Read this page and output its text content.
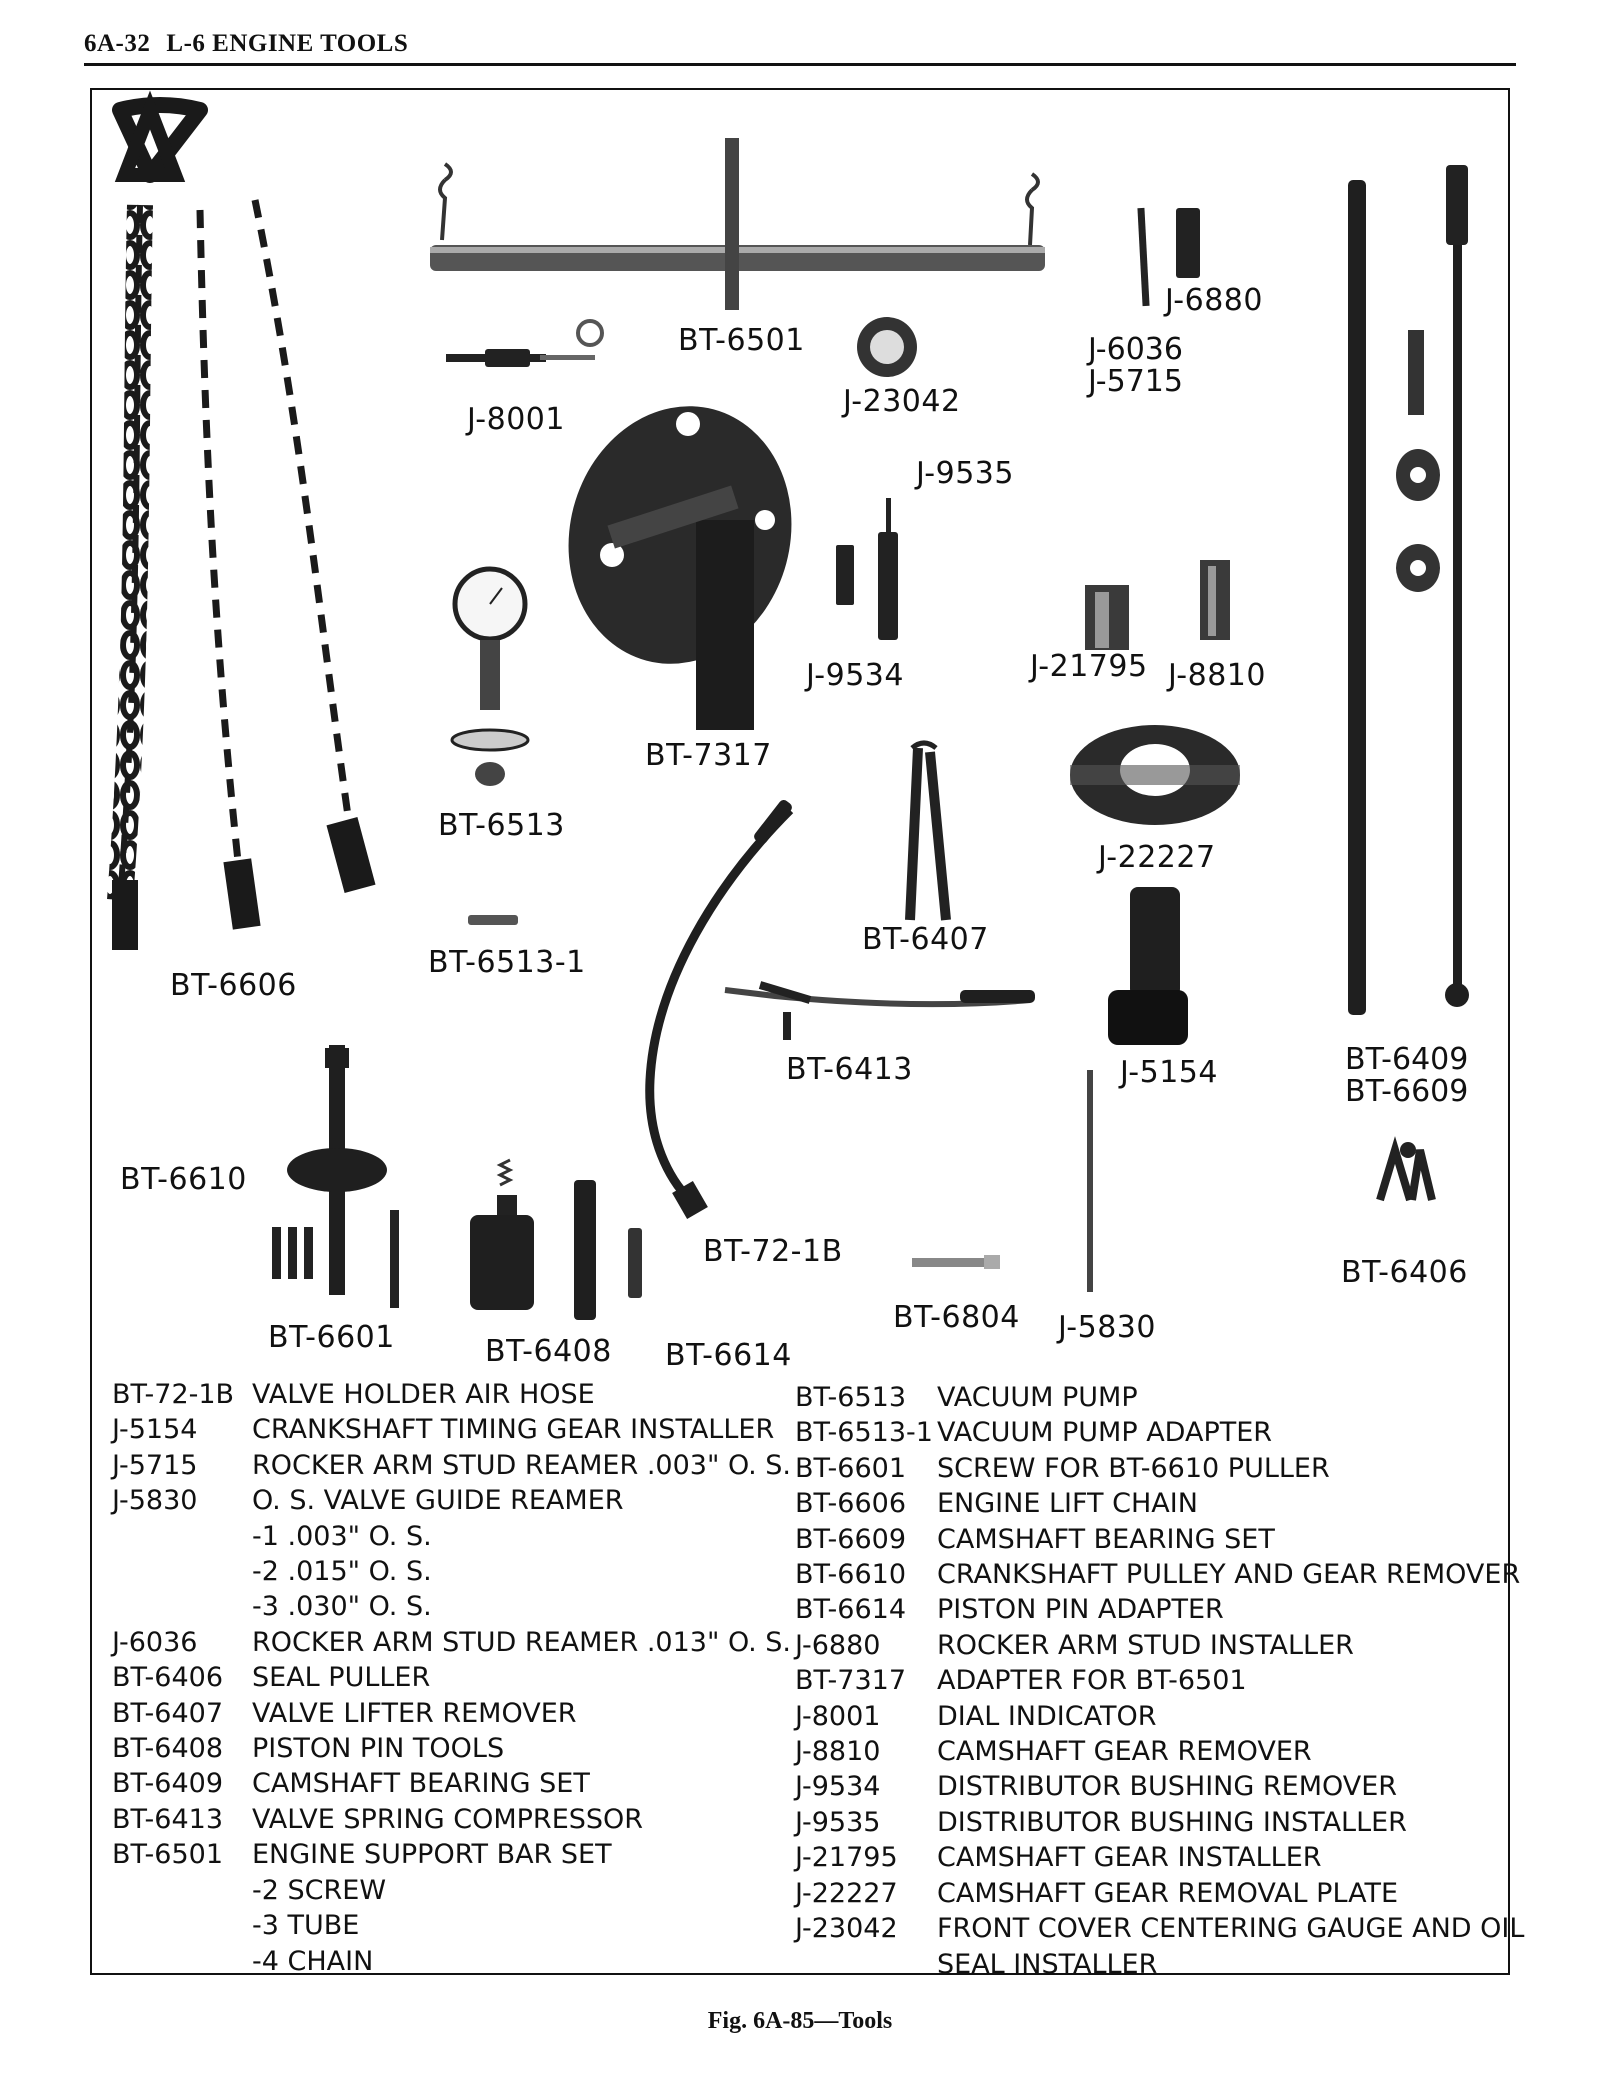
6A-32 L-6 ENGINE TOOLS
BT-6606
BT-6501
J-8001
J-23042
J-6880
J-6036
J-5715
J-9535
BT-6513
BT-7317
J-9534	J-21795 J-8810
J-22227
BT-6513-1
BT-6407
BT-6413	J-5154	BT-6409
BT-6609
BT-6610
BT-72-1B
BT-6406
BT-6601	BT-6408 BT-6614
BT-6804 J-5830
BT-72-1B VALVE HOLDER AIR HOSE
J-5154	CRANKSHAFT TIMING GEAR INSTALLER
J-5715	ROCKER ARM STUD REAMER .003" O. S.
J-5830	O. S. VALVE GUIDE REAMER
-1 .003" O. S.
-2 .015" O. S.
-3 .030" O. S.
J-6036	ROCKER ARM STUD REAMER .013" O. S.
BT-6406	SEAL PULLER
BT-6407	VALVE LIFTER REMOVER
BT-6408	PISTON PIN TOOLS
BT-6409	CAMSHAFT BEARING SET
BT-6413	VALVE SPRING COMPRESSOR
BT-6501	ENGINE SUPPORT BAR SET
-2 SCREW
-3 TUBE
-4 CHAIN
BT-6513	VACUUM PUMP
BT-6513-1 VACUUM PUMP ADAPTER
BT-6601	SCREW FOR BT-6610 PULLER
BT-6606	ENGINE LIFT CHAIN
BT-6609	CAMSHAFT BEARING SET
BT-6610	CRANKSHAFT PULLEY AND GEAR REMOVER
BT-6614	PISTON PIN ADAPTER
J-6880	ROCKER ARM STUD INSTALLER
BT-7317	ADAPTER FOR BT-6501
J-8001	DIAL INDICATOR
J-8810	CAMSHAFT GEAR REMOVER
J-9534	DISTRIBUTOR BUSHING REMOVER
J-9535	DISTRIBUTOR BUSHING INSTALLER
J-21795	CAMSHAFT GEAR INSTALLER
J-22227	CAMSHAFT GEAR REMOVAL PLATE
J-23042	FRONT COVER CENTERING GAUGE AND OIL
SEAL INSTALLER
Fig. 6A-85—Tools
